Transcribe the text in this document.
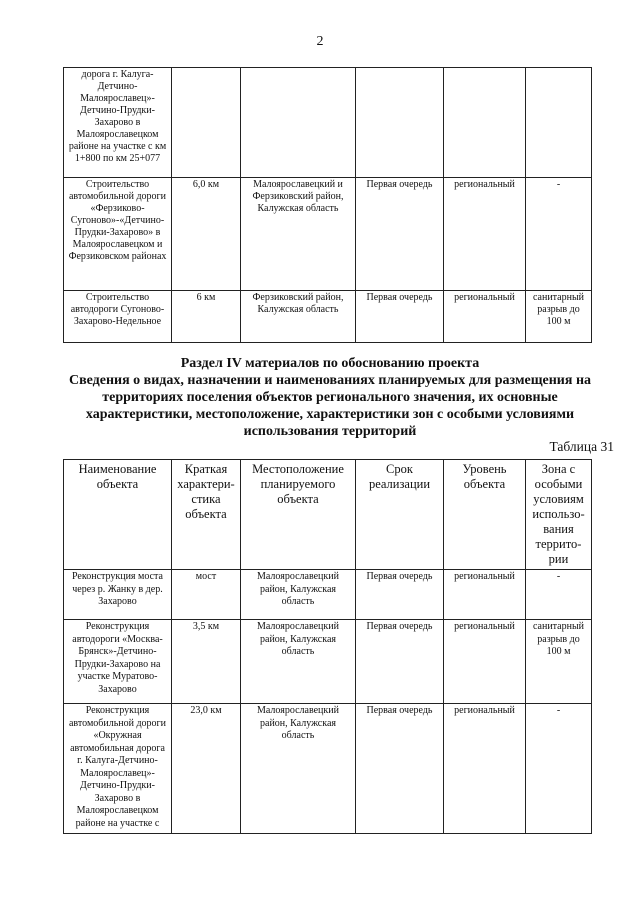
2
дорога г. Калуга-Детчино-Малоярославец»-Детчино-Прудки-Захарово в Малоярославецком районе на участке с км 1+800 по км 25+077					
Строительство автомобильной дороги «Ферзиково-Сугоново»-«Детчино-Прудки-Захарово» в Малоярославецком и Ферзиковском районах	6,0 км	Малоярославецкий и Ферзиковский район, Калужская область	Первая очередь	региональный	-
Строительство автодороги Сугоново-Захарово-Недельное	6 км	Ферзиковский район, Калужская область	Первая очередь	региональный	санитарный разрыв до 100 м
Раздел IV материалов по обоснованию проекта
Сведения о видах, назначении и наименованиях планируемых для размещения на территориях поселения объектов регионального значения, их основные характеристики, местоположение, характеристики зон с особыми условиями использования территорий
Таблица 31
Наименование объекта	Краткая характери-стика объекта	Местоположение планируемого объекта	Срок реализации	Уровень объекта	Зона с особыми условиям использо-вания террито-рии
Реконструкция моста через р. Жанку в дер. Захарово	мост	Малоярославецкий район, Калужская область	Первая очередь	региональный	-
Реконструкция автодороги «Москва-Брянск»-Детчино-Прудки-Захарово на участке Муратово-Захарово	3,5 км	Малоярославецкий район, Калужская область	Первая очередь	региональный	санитарный разрыв до 100 м
Реконструкция автомобильной дороги «Окружная автомобильная дорога г. Калуга-Детчино-Малоярославец»-Детчино-Прудки-Захарово в Малоярославецком районе на участке с	23,0 км	Малоярославецкий район, Калужская область	Первая очередь	региональный	-
